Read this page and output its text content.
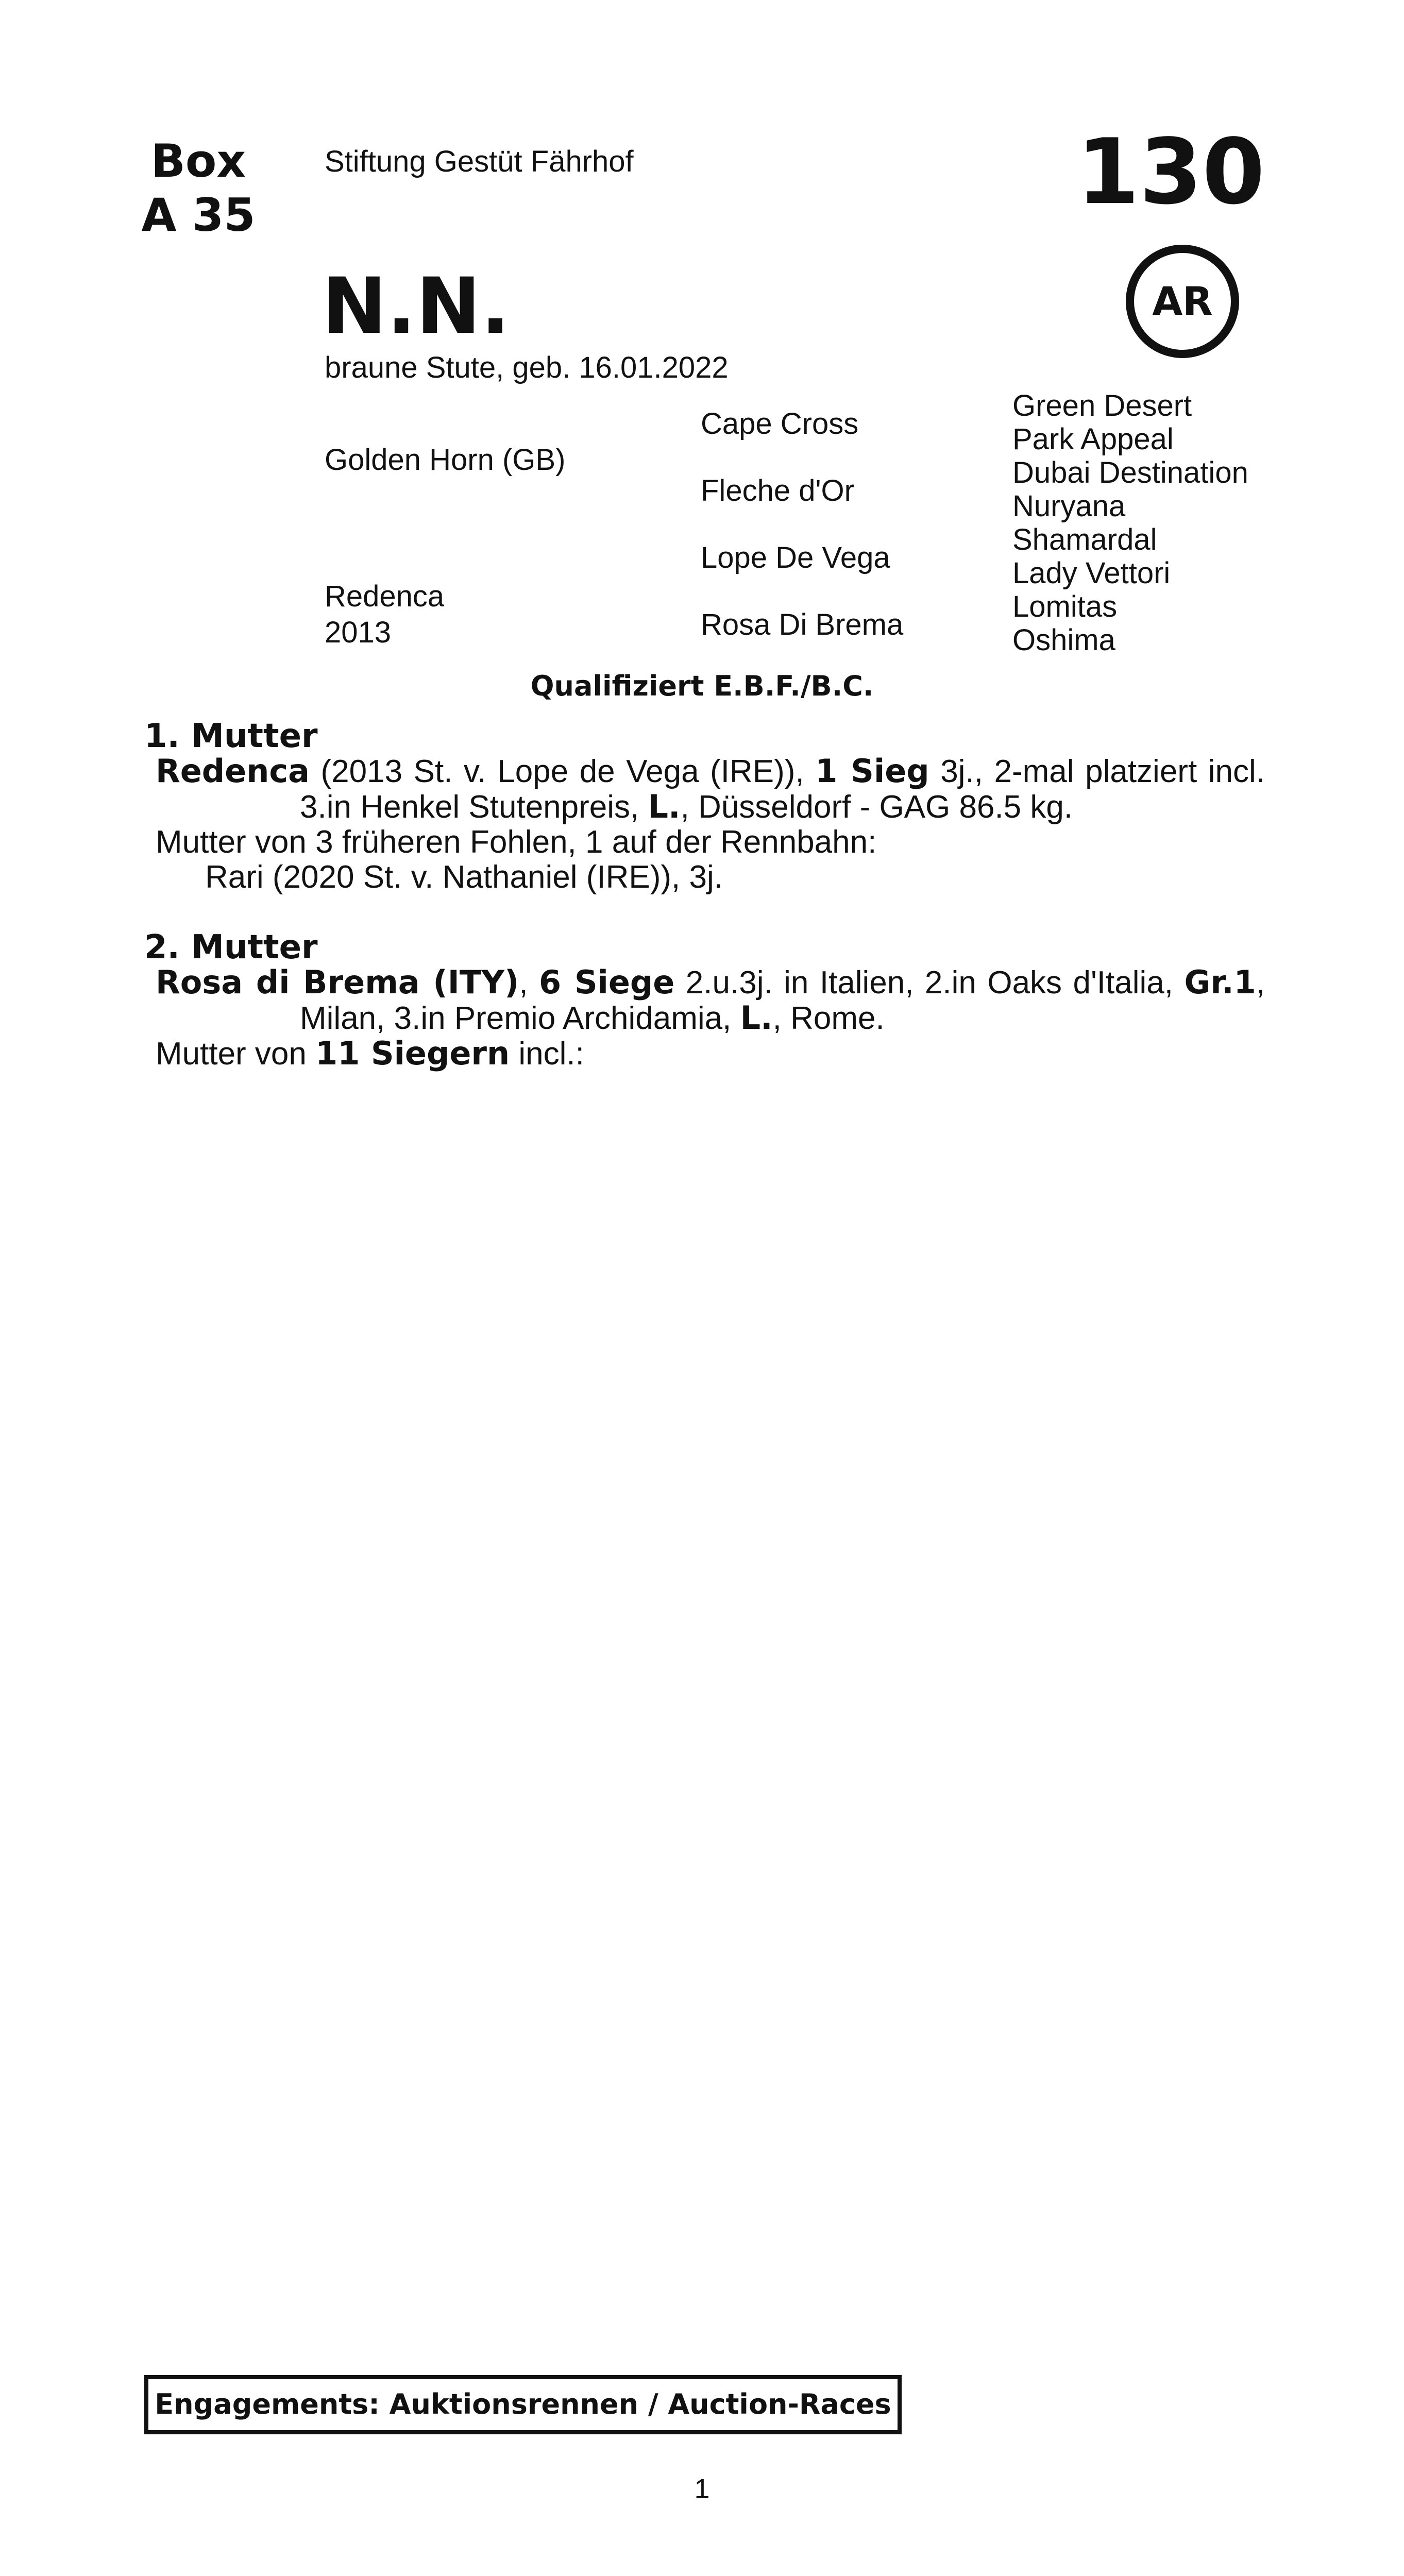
Box
A 35
Stiftung Gestüt Fährhof	130
N.N.	AR
braune Stute, geb. 16.01.2022
Golden Horn (GB)
Redenca
2013
Cape Cross
Fleche d'Or
Lope De Vega
Rosa Di Brema
Green Desert
Park Appeal
Dubai Destination
Nuryana
Shamardal
Lady Vettori
Lomitas
Oshima
Qualifiziert E.B.F./B.C.

1. Mutter

Redenca (2013 St. v. Lope de Vega (IRE)), 1 Sieg 3j., 2-mal platziert incl. 3.in Henkel Stutenpreis, L., Düsseldorf - GAG 86.5 kg.

Mutter von 3 früheren Fohlen, 1 auf der Rennbahn:

Rari (2020 St. v. Nathaniel (IRE)), 3j.

2. Mutter

Rosa di Brema (ITY), 6 Siege 2.u.3j. in Italien, 2.in Oaks d'Italia, Gr.1, Milan, 3.in Premio Archidamia, L., Rome.

Mutter von 11 Siegern incl.:

Engagements: Auktionsrennen / Auction-Races
1
